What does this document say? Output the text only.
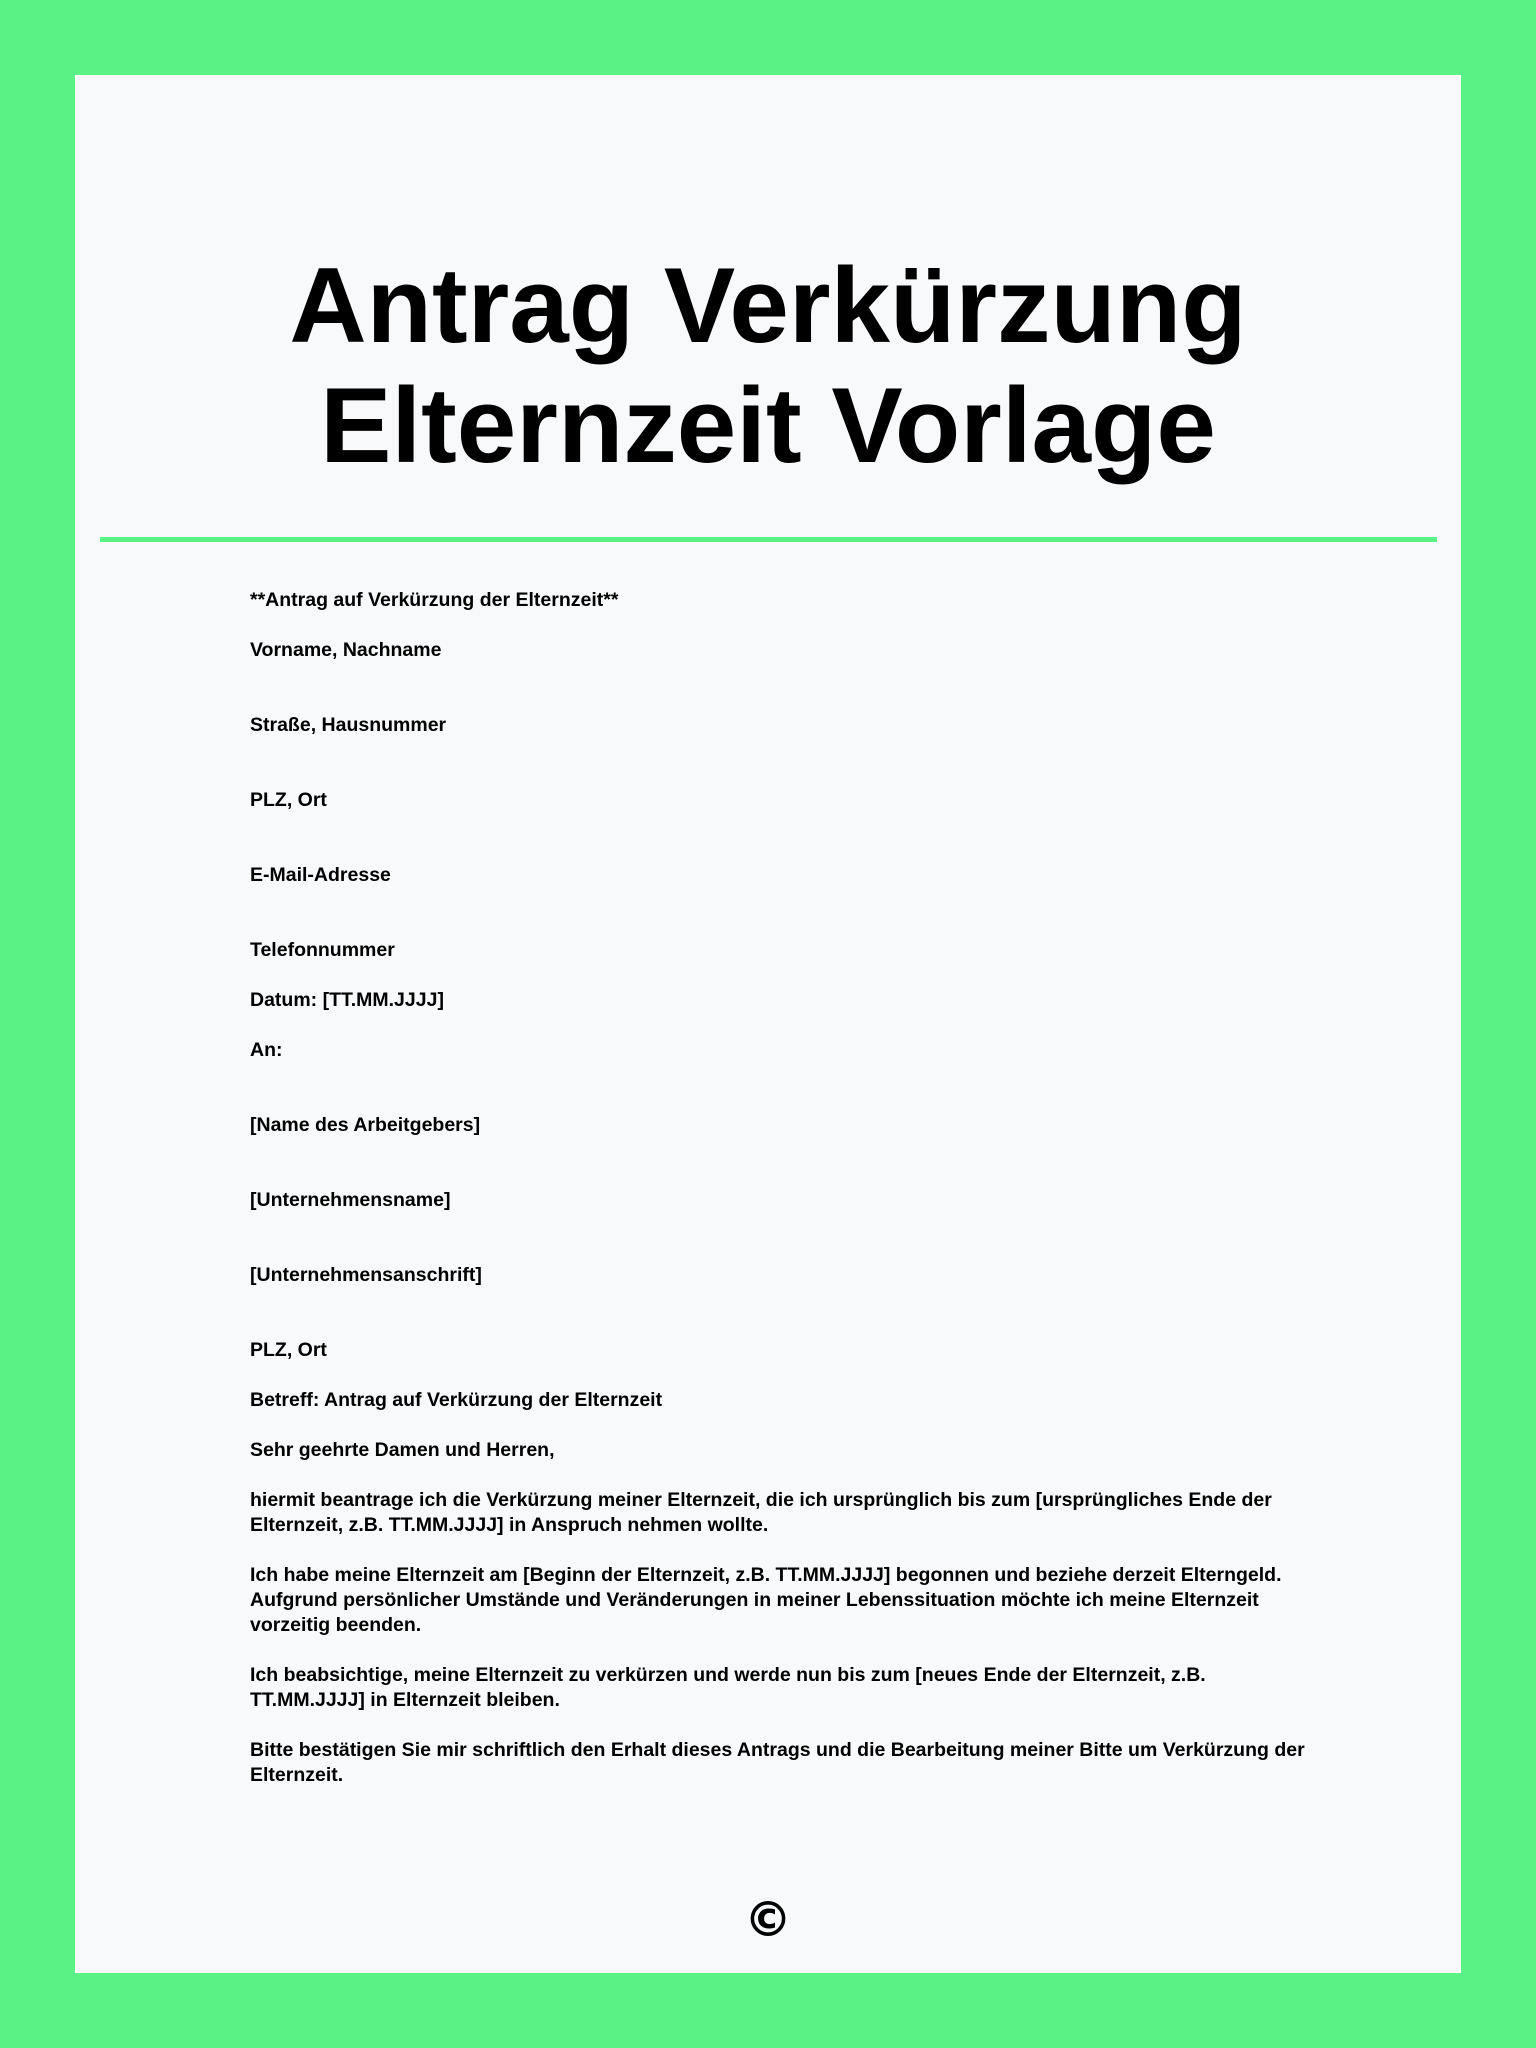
Antrag Verkürzung Elternzeit Vorlage

**Antrag auf Verkürzung der Elternzeit**

Vorname, Nachname

Straße, Hausnummer

PLZ, Ort

E-Mail-Adresse

Telefonnummer

Datum: [TT.MM.JJJJ]

An:

[Name des Arbeitgebers]

[Unternehmensname]

[Unternehmensanschrift]

PLZ, Ort

Betreff: Antrag auf Verkürzung der Elternzeit

Sehr geehrte Damen und Herren,

hiermit beantrage ich die Verkürzung meiner Elternzeit, die ich ursprünglich bis zum [ursprüngliches Ende der Elternzeit, z.B. TT.MM.JJJJ] in Anspruch nehmen wollte.

Ich habe meine Elternzeit am [Beginn der Elternzeit, z.B. TT.MM.JJJJ] begonnen und beziehe derzeit Elterngeld. Aufgrund persönlicher Umstände und Veränderungen in meiner Lebenssituation möchte ich meine Elternzeit vorzeitig beenden.

Ich beabsichtige, meine Elternzeit zu verkürzen und werde nun bis zum [neues Ende der Elternzeit, z.B. TT.MM.JJJJ] in Elternzeit bleiben.

Bitte bestätigen Sie mir schriftlich den Erhalt dieses Antrags und die Bearbeitung meiner Bitte um Verkürzung der Elternzeit.

©
